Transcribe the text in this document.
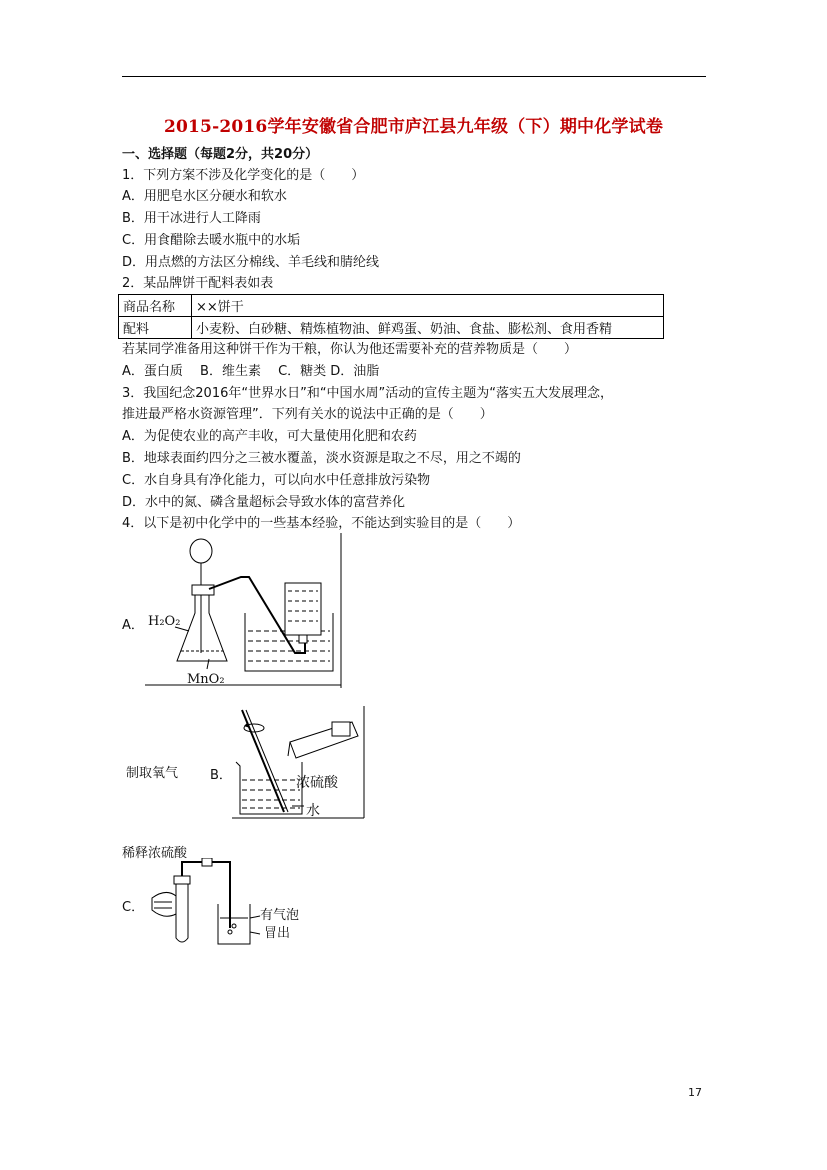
2015-2016学年安徽省合肥市庐江县九年级（下）期中化学试卷
一、选择题（每题2分，共20分）
1．下列方案不涉及化学变化的是（　　）
A．用肥皂水区分硬水和软水
B．用干冰进行人工降雨
C．用食醋除去暖水瓶中的水垢
D．用点燃的方法区分棉线、羊毛线和腈纶线
2．某品牌饼干配料表如表
商品名称	××饼干
配料	小麦粉、白砂糖、精炼植物油、鲜鸡蛋、奶油、食盐、膨松剂、食用香精
若某同学准备用这种饼干作为干粮，你认为他还需要补充的营养物质是（　　）
A．蛋白质　 B．维生素　 C．糖类 D．油脂
3．我国纪念2016年“世界水日”和“中国水周”活动的宣传主题为“落实五大发展理念，
推进最严格水资源管理”．下列有关水的说法中正确的是（　　）
A．为促使农业的高产丰收，可大量使用化肥和农药
B．地球表面约四分之三被水覆盖，淡水资源是取之不尽，用之不竭的
C．水自身具有净化能力，可以向水中任意排放污染物
D．水中的氮、磷含量超标会导致水体的富营养化
4．以下是初中化学中的一些基本经验，不能达到实验目的是（　　）
A． H₂O₂
MnO₂
制取氧气 B．	浓硫酸
水
稀释浓硫酸
C．
有气泡
冒出
17
